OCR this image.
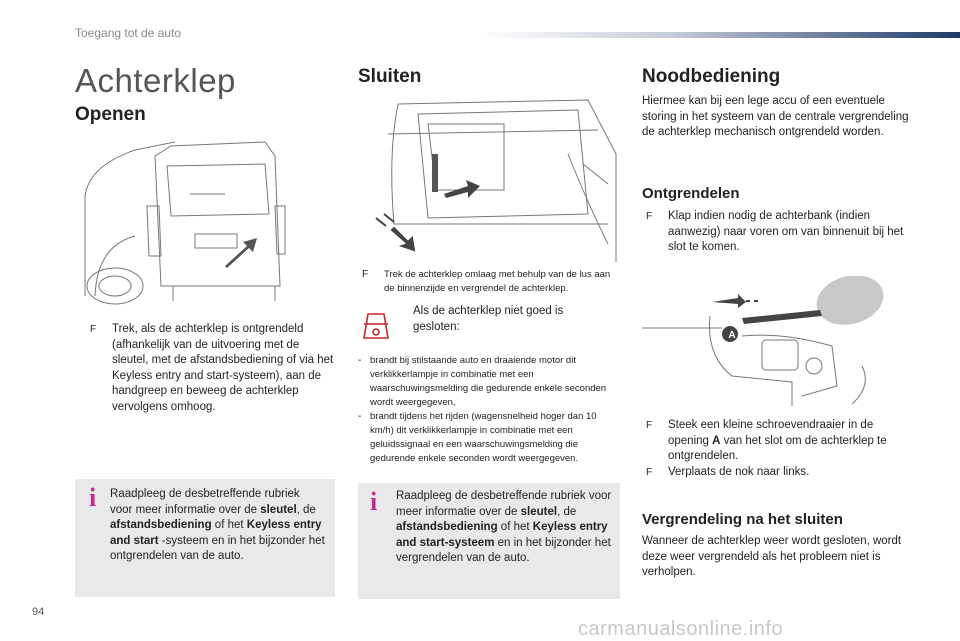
Toegang tot de auto
Achterklep
Openen
F	Trek, als de achterklep is ontgrendeld (afhankelijk van de uitvoering met de sleutel, met de afstandsbediening of via het Keyless entry and start-systeem), aan de handgreep en beweeg de achterklep vervolgens omhoog.
i Raadpleeg de desbetreffende rubriek voor meer informatie over de sleutel, de afstandsbediening of het Keyless entry and start -systeem en in het bijzonder het ontgrendelen van de auto.
Sluiten
F	Trek de achterklep omlaag met behulp van de lus aan de binnenzijde en vergrendel de achterklep.
Als de achterklep niet goed is gesloten:
- brandt bij stilstaande auto en draaiende motor dit verklikkerlampje in combinatie met een waarschuwingsmelding die gedurende enkele seconden wordt weergegeven,
- brandt tijdens het rijden (wagensnelheid hoger dan 10 km/h) dit verklikkerlampje in combinatie met een geluidssignaal en een waarschuwingsmelding die gedurende enkele seconden wordt weergegeven.
i Raadpleeg de desbetreffende rubriek voor meer informatie over de sleutel, de afstandsbediening of het Keyless entry and start-systeem en in het bijzonder het vergrendelen van de auto.
Noodbediening
Hiermee kan bij een lege accu of een eventuele storing in het systeem van de centrale vergrendeling de achterklep mechanisch ontgrendeld worden.
Ontgrendelen
F	Klap indien nodig de achterbank (indien aanwezig) naar voren om van binnenuit bij het slot te komen.
A
F	Steek een kleine schroevendraaier in de opening A van het slot om de achterklep te ontgrendelen.
F	Verplaats de nok naar links.
Vergrendeling na het sluiten
Wanneer de achterklep weer wordt gesloten, wordt deze weer vergrendeld als het probleem niet is verholpen.
94
carmanualsonline.info
